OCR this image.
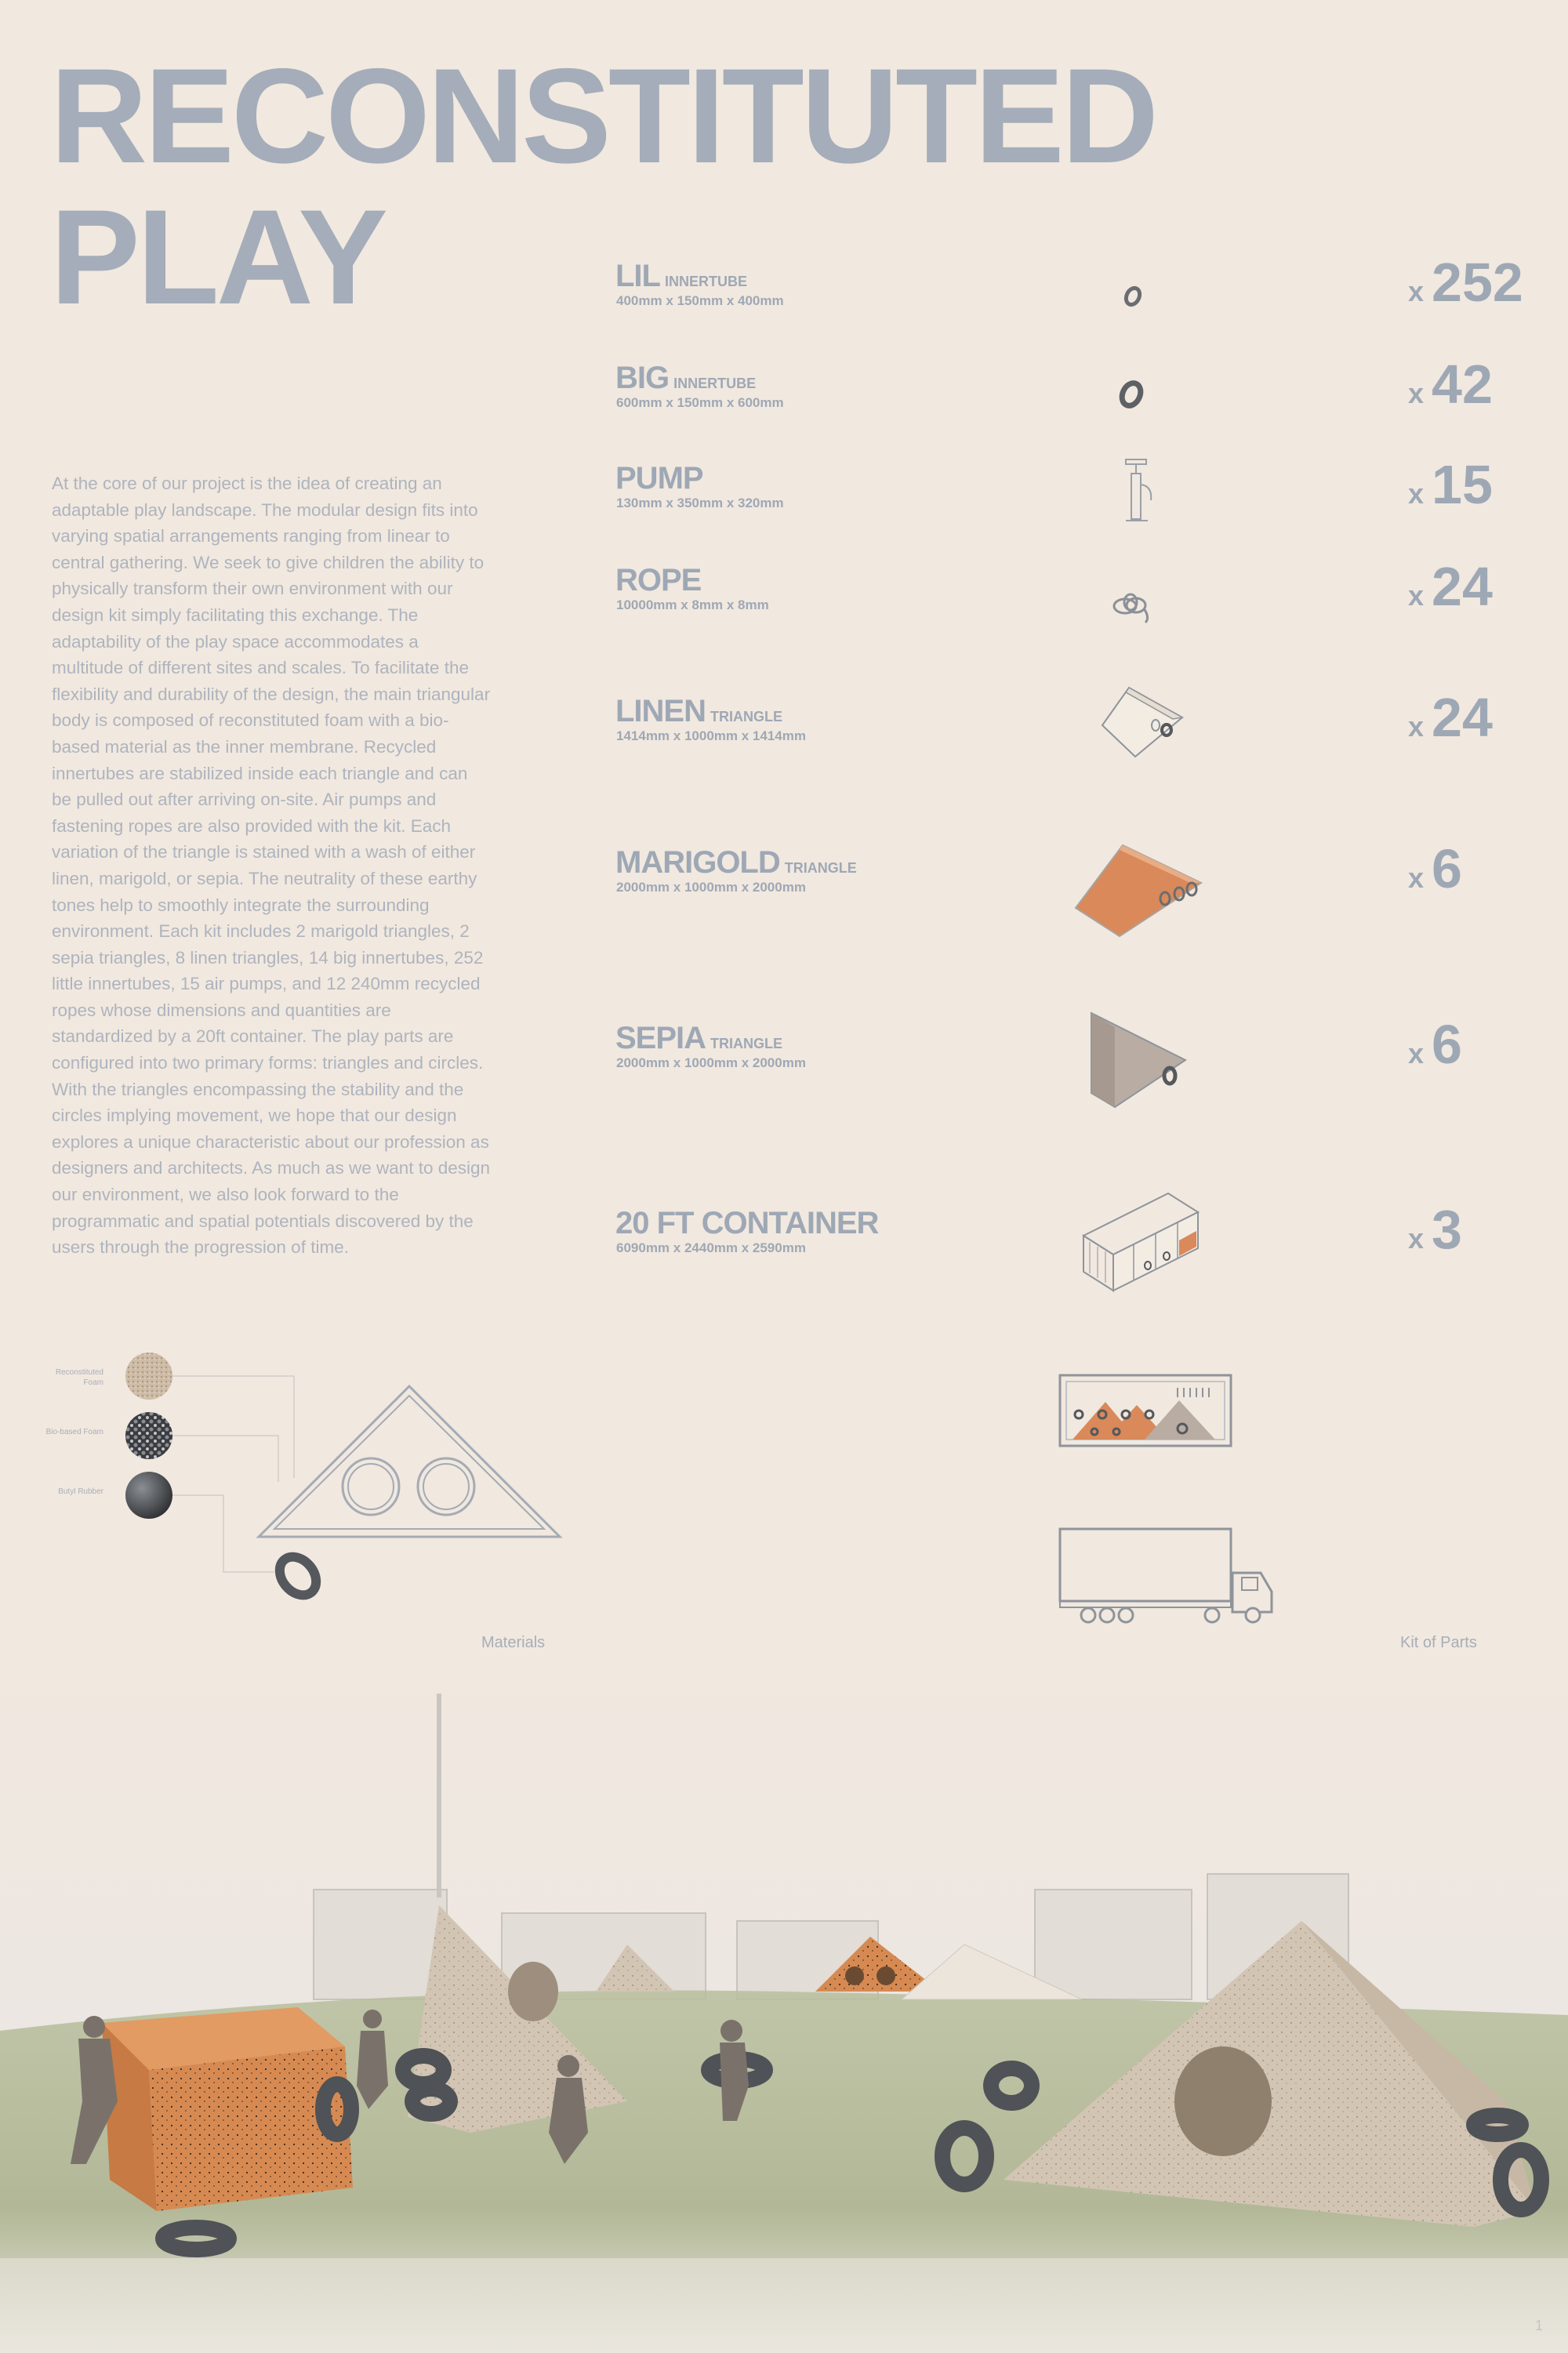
RECONSTITUTED
PLAY

At the core of our project is the idea of creating an adaptable play landscape. The modular design fits into varying spatial arrangements ranging from linear to central gathering. We seek to give children the ability to physically transform their own environment with our design kit simply facilitating this exchange. The adaptability of the play space accommodates a multitude of different sites and scales. To facilitate the flexibility and durability of the design, the main triangular body is composed of reconstituted foam with a bio-based material as the inner membrane. Recycled innertubes are stabilized inside each triangle and can be pulled out after arriving on-site. Air pumps and fastening ropes are also provided with the kit. Each variation of the triangle is stained with a wash of either linen, marigold, or sepia. The neutrality of these earthy tones help to smoothly integrate the surrounding environment. Each kit includes 2 marigold triangles, 2 sepia triangles, 8 linen triangles, 14 big innertubes, 252 little innertubes, 15 air pumps, and 12 240mm recycled ropes whose dimensions and quantities are standardized by a 20ft container. The play parts are configured into two primary forms: triangles and circles. With the triangles encompassing the stability and the circles implying movement, we hope that our design explores a unique characteristic about our profession as designers and architects. As much as we want to design our environment, we also look forward to the programmatic and spatial potentials discovered by the users through the progression of time.

LIL INNERTUBE
400mm x 150mm x 400mm	x 252
BIG INNERTUBE
600mm x 150mm x 600mm	x 42
PUMP
130mm x 350mm x 320mm	x 15
ROPE
10000mm x 8mm x 8mm	x 24
LINEN TRIANGLE
1414mm x 1000mm x 1414mm	x 24
MARIGOLD TRIANGLE
2000mm x 1000mm x 2000mm	x 6
SEPIA TRIANGLE
2000mm x 1000mm x 2000mm	x 6
20 FT CONTAINER
6090mm x 2440mm x 2590mm	x 3
Reconstituted Foam
Bio-based Foam
Butyl Rubber
Materials	Kit of Parts
1
